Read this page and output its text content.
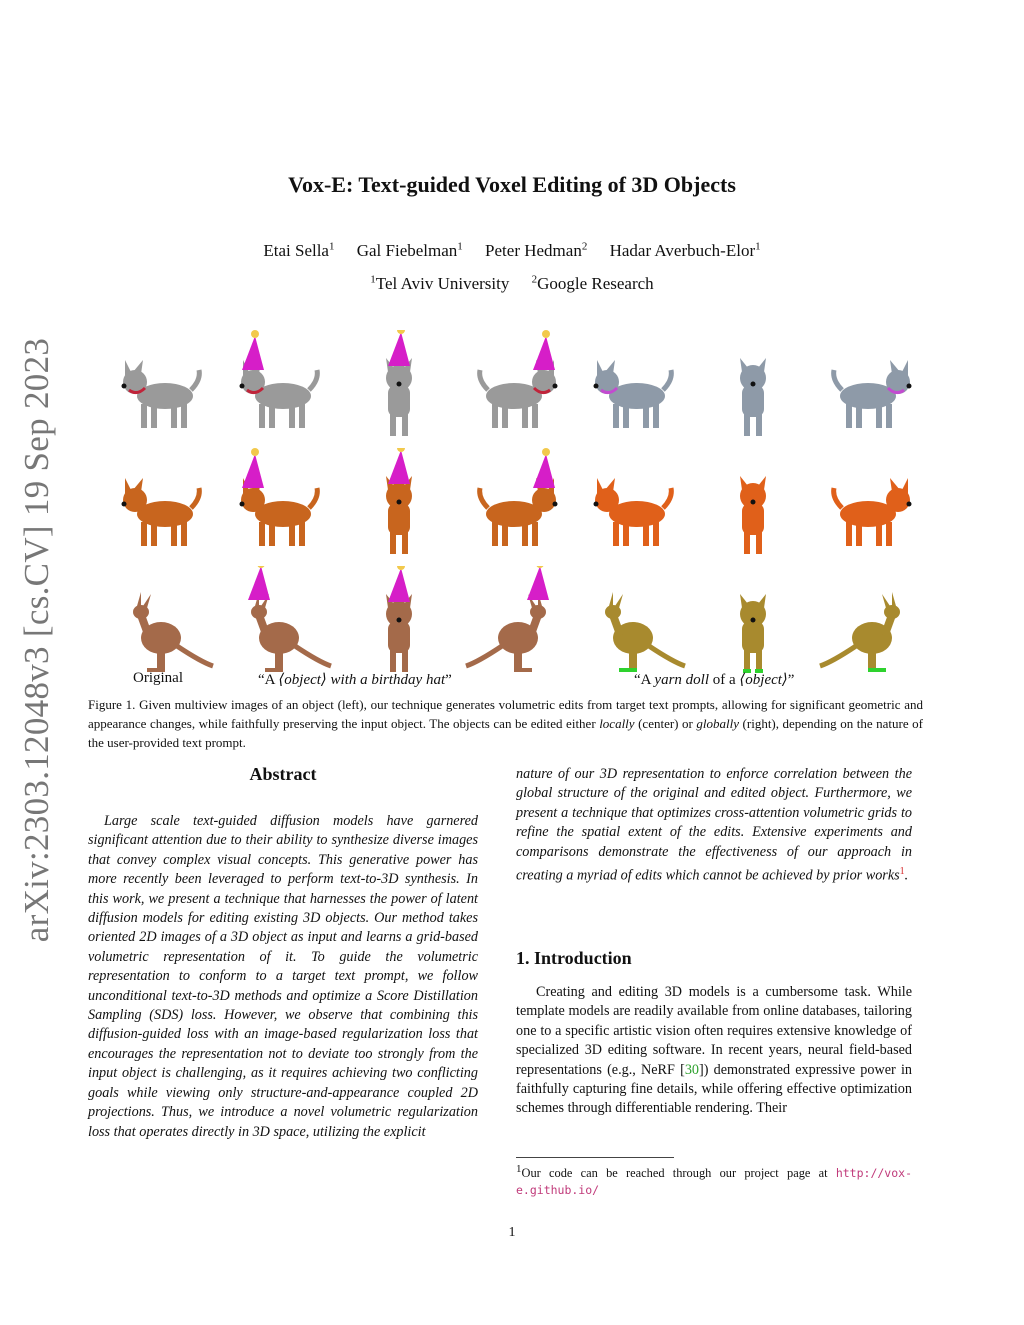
arXiv:2303.12048v3 [cs.CV] 19 Sep 2023
Vox-E: Text-guided Voxel Editing of 3D Objects
Etai Sella$^1$ Gal Fiebelman$^1$ Peter Hedman$^2$ Hadar Averbuch-Elor$^1$
$^1$Tel Aviv University $^2$Google Research
Original	“A ⟨object⟩ with a birthday hat”	“A yarn doll of a ⟨object⟩”

Figure 1. Given multiview images of an object (left), our technique generates volumetric edits from target text prompts, allowing for significant geometric and appearance changes, while faithfully preserving the input object. The objects can be edited either locally (center) or globally (right), depending on the nature of the user-provided text prompt.

Abstract

Large scale text-guided diffusion models have garnered significant attention due to their ability to synthesize diverse images that convey complex visual concepts. This generative power has more recently been leveraged to perform text-to-3D synthesis. In this work, we present a technique that harnesses the power of latent diffusion models for editing existing 3D objects. Our method takes oriented 2D images of a 3D object as input and learns a grid-based volumetric representation of it. To guide the volumetric representation to conform to a target text prompt, we follow unconditional text-to-3D methods and optimize a Score Distillation Sampling (SDS) loss. However, we observe that combining this diffusion-guided loss with an image-based regularization loss that encourages the representation not to deviate too strongly from the input object is challenging, as it requires achieving two conflicting goals while viewing only structure-and-appearance coupled 2D projections. Thus, we introduce a novel volumetric regularization loss that operates directly in 3D space, utilizing the explicit

nature of our 3D representation to enforce correlation between the global structure of the original and edited object. Furthermore, we present a technique that optimizes cross-attention volumetric grids to refine the spatial extent of the edits. Extensive experiments and comparisons demonstrate the effectiveness of our approach in creating a myriad of edits which cannot be achieved by prior works$^1$.

1. Introduction

Creating and editing 3D models is a cumbersome task. While template models are readily available from online databases, tailoring one to a specific artistic vision often requires extensive knowledge of specialized 3D editing software. In recent years, neural field-based representations (e.g., NeRF [30]) demonstrated expressive power in faithfully capturing fine details, while offering effective optimization schemes through differentiable rendering. Their

$^1$Our code can be reached through our project page at http://vox-e.github.io/

1
